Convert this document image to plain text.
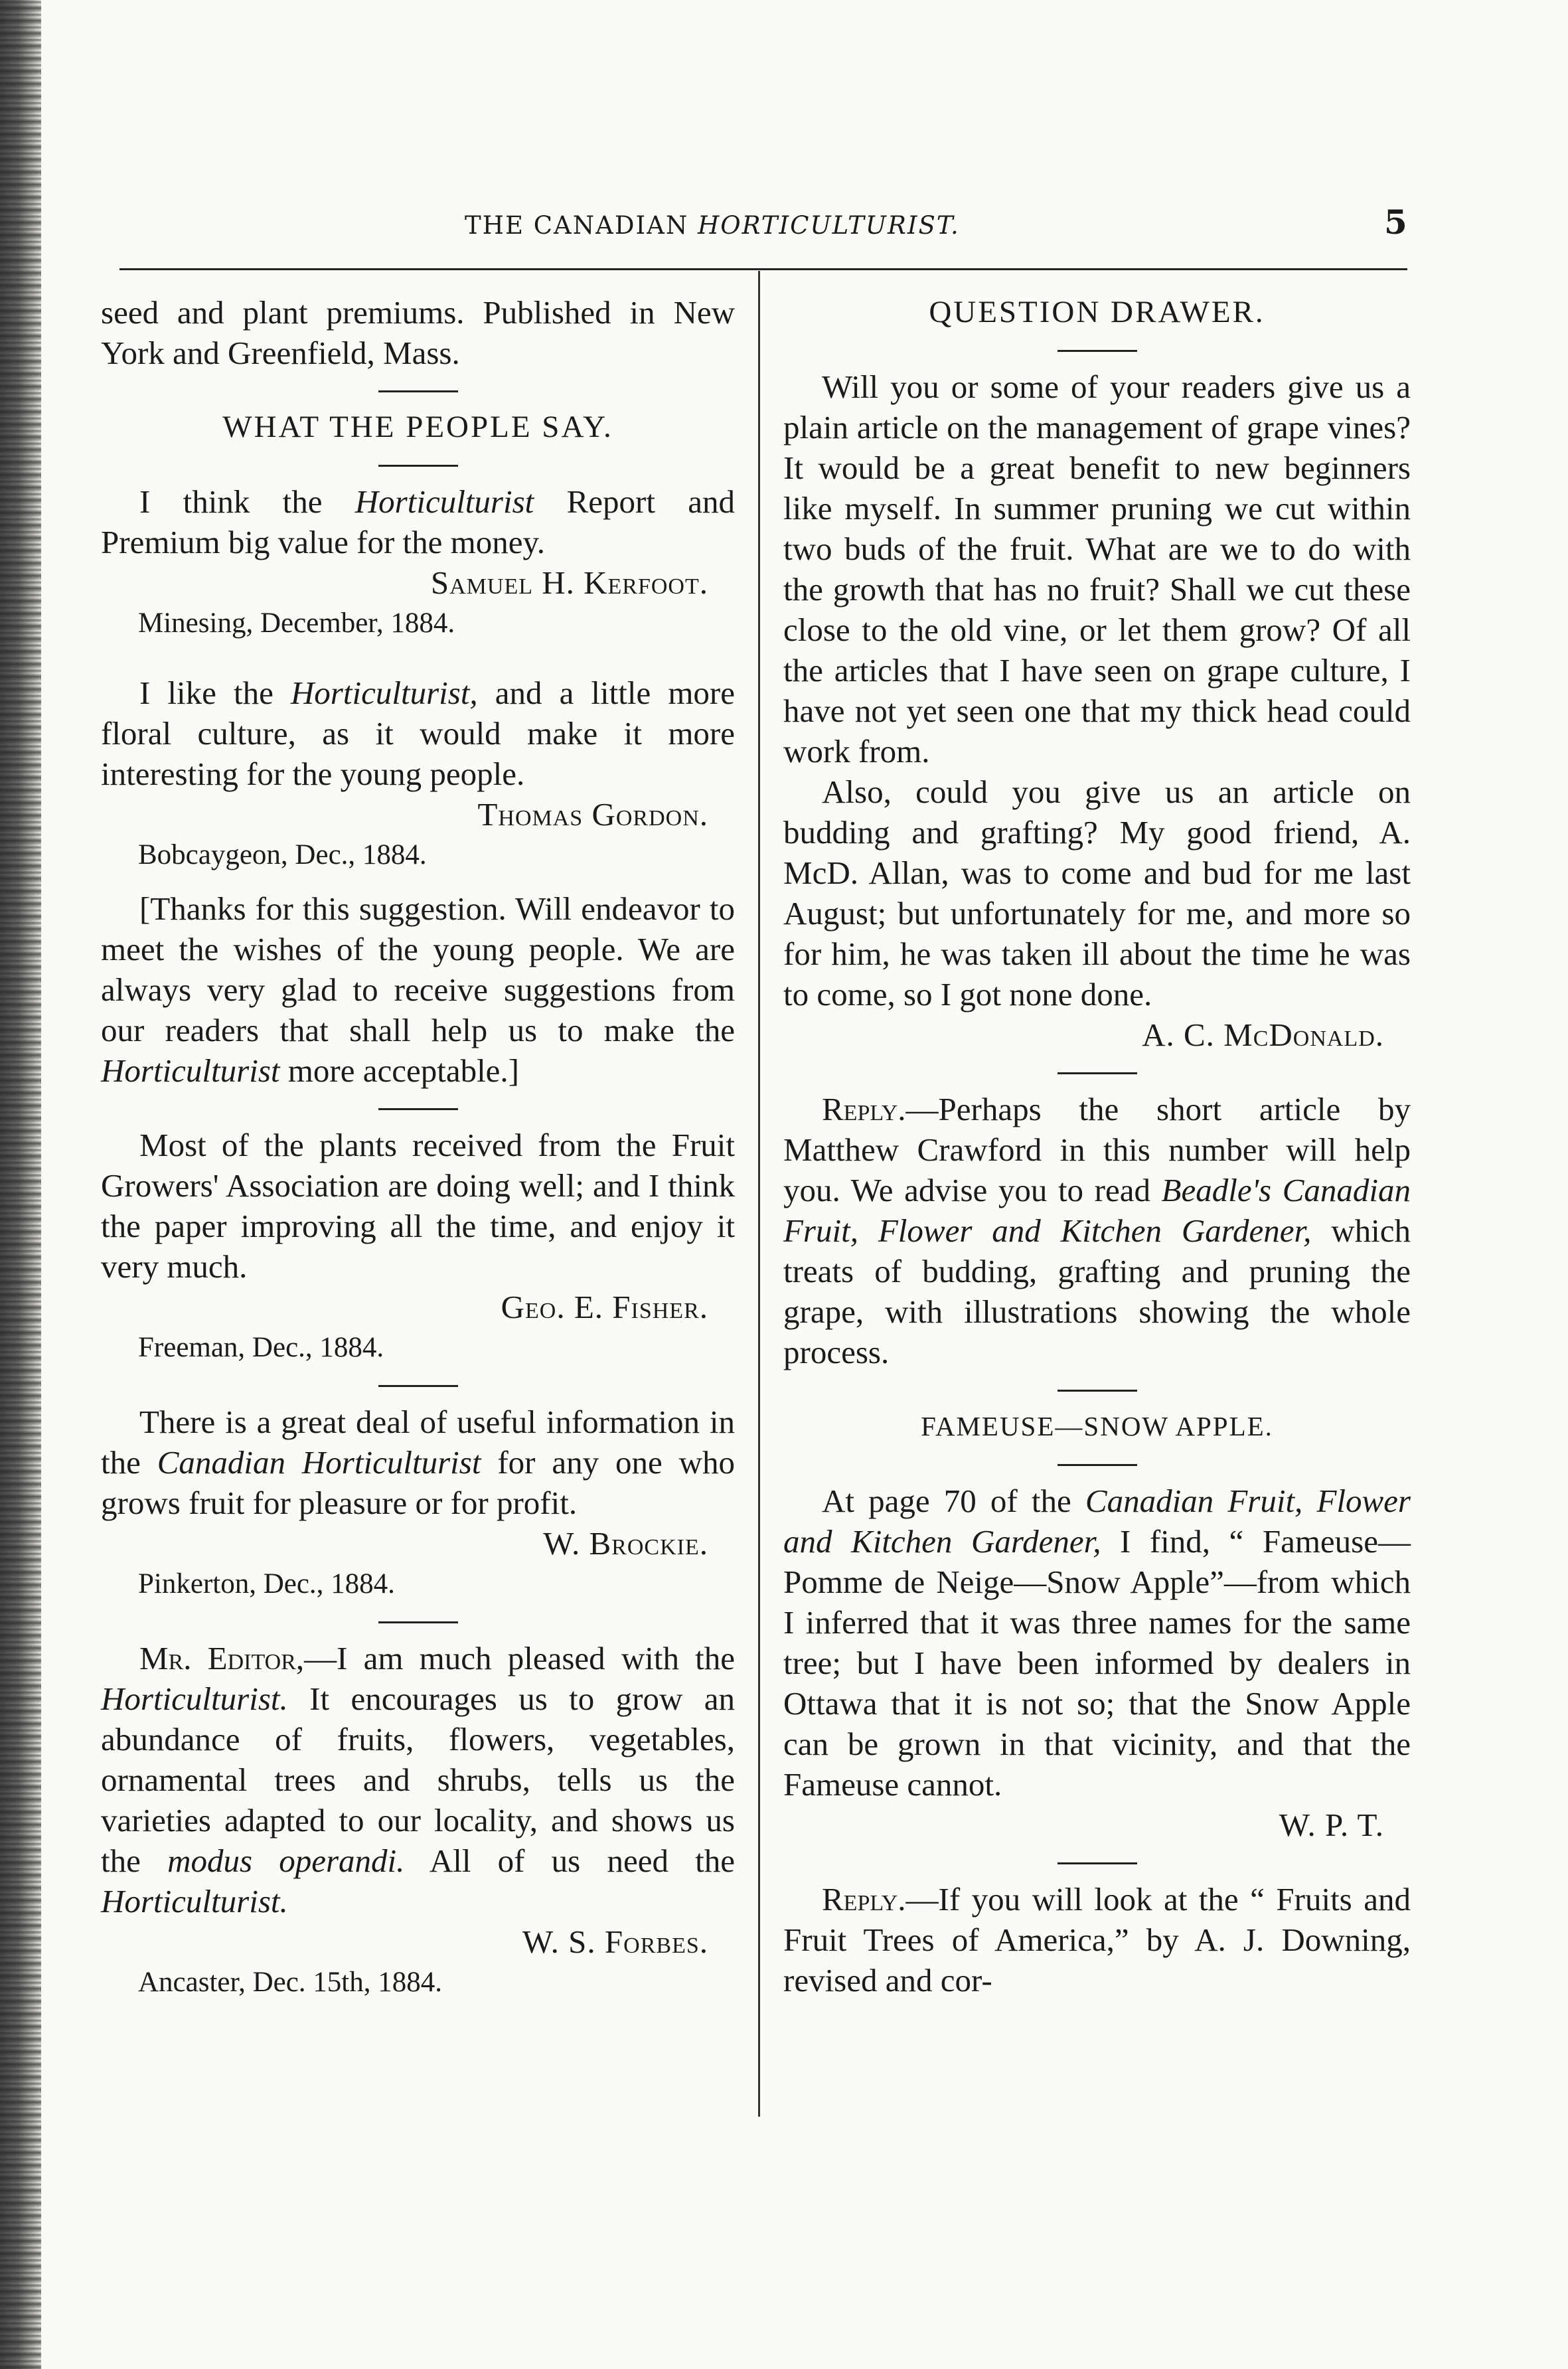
THE CANADIAN HORTICULTURIST.	5

seed and plant premiums. Published in New York and Greenfield, Mass.

WHAT THE PEOPLE SAY.

I think the Horticulturist Report and Premium big value for the money.

Samuel H. Kerfoot.
Minesing, December, 1884.

I like the Horticulturist, and a little more floral culture, as it would make it more interesting for the young people.

Thomas Gordon.
Bobcaygeon, Dec., 1884.

[Thanks for this suggestion. Will endeavor to meet the wishes of the young people. We are always very glad to receive suggestions from our readers that shall help us to make the Horticulturist more acceptable.]

Most of the plants received from the Fruit Growers' Association are doing well; and I think the paper improving all the time, and enjoy it very much.

Geo. E. Fisher.
Freeman, Dec., 1884.

There is a great deal of useful information in the Canadian Horticulturist for any one who grows fruit for pleasure or for profit.

W. Brockie.
Pinkerton, Dec., 1884.

Mr. Editor,—I am much pleased with the Horticulturist. It encourages us to grow an abundance of fruits, flowers, vegetables, ornamental trees and shrubs, tells us the varieties adapted to our locality, and shows us the modus operandi. All of us need the Horticulturist.

W. S. Forbes.
Ancaster, Dec. 15th, 1884.
QUESTION DRAWER.

Will you or some of your readers give us a plain article on the management of grape vines? It would be a great benefit to new beginners like myself. In summer pruning we cut within two buds of the fruit. What are we to do with the growth that has no fruit? Shall we cut these close to the old vine, or let them grow? Of all the articles that I have seen on grape culture, I have not yet seen one that my thick head could work from.

Also, could you give us an article on budding and grafting? My good friend, A. McD. Allan, was to come and bud for me last August; but unfortunately for me, and more so for him, he was taken ill about the time he was to come, so I got none done.

A. C. McDonald.

Reply.—Perhaps the short article by Matthew Crawford in this number will help you. We advise you to read Beadle's Canadian Fruit, Flower and Kitchen Gardener, which treats of budding, grafting and pruning the grape, with illustrations showing the whole process.

FAMEUSE—SNOW APPLE.

At page 70 of the Canadian Fruit, Flower and Kitchen Gardener, I find, “ Fameuse—Pomme de Neige—Snow Apple”—from which I inferred that it was three names for the same tree; but I have been informed by dealers in Ottawa that it is not so; that the Snow Apple can be grown in that vicinity, and that the Fameuse cannot.

W. P. T.

Reply.—If you will look at the “ Fruits and Fruit Trees of America,” by A. J. Downing, revised and cor-
